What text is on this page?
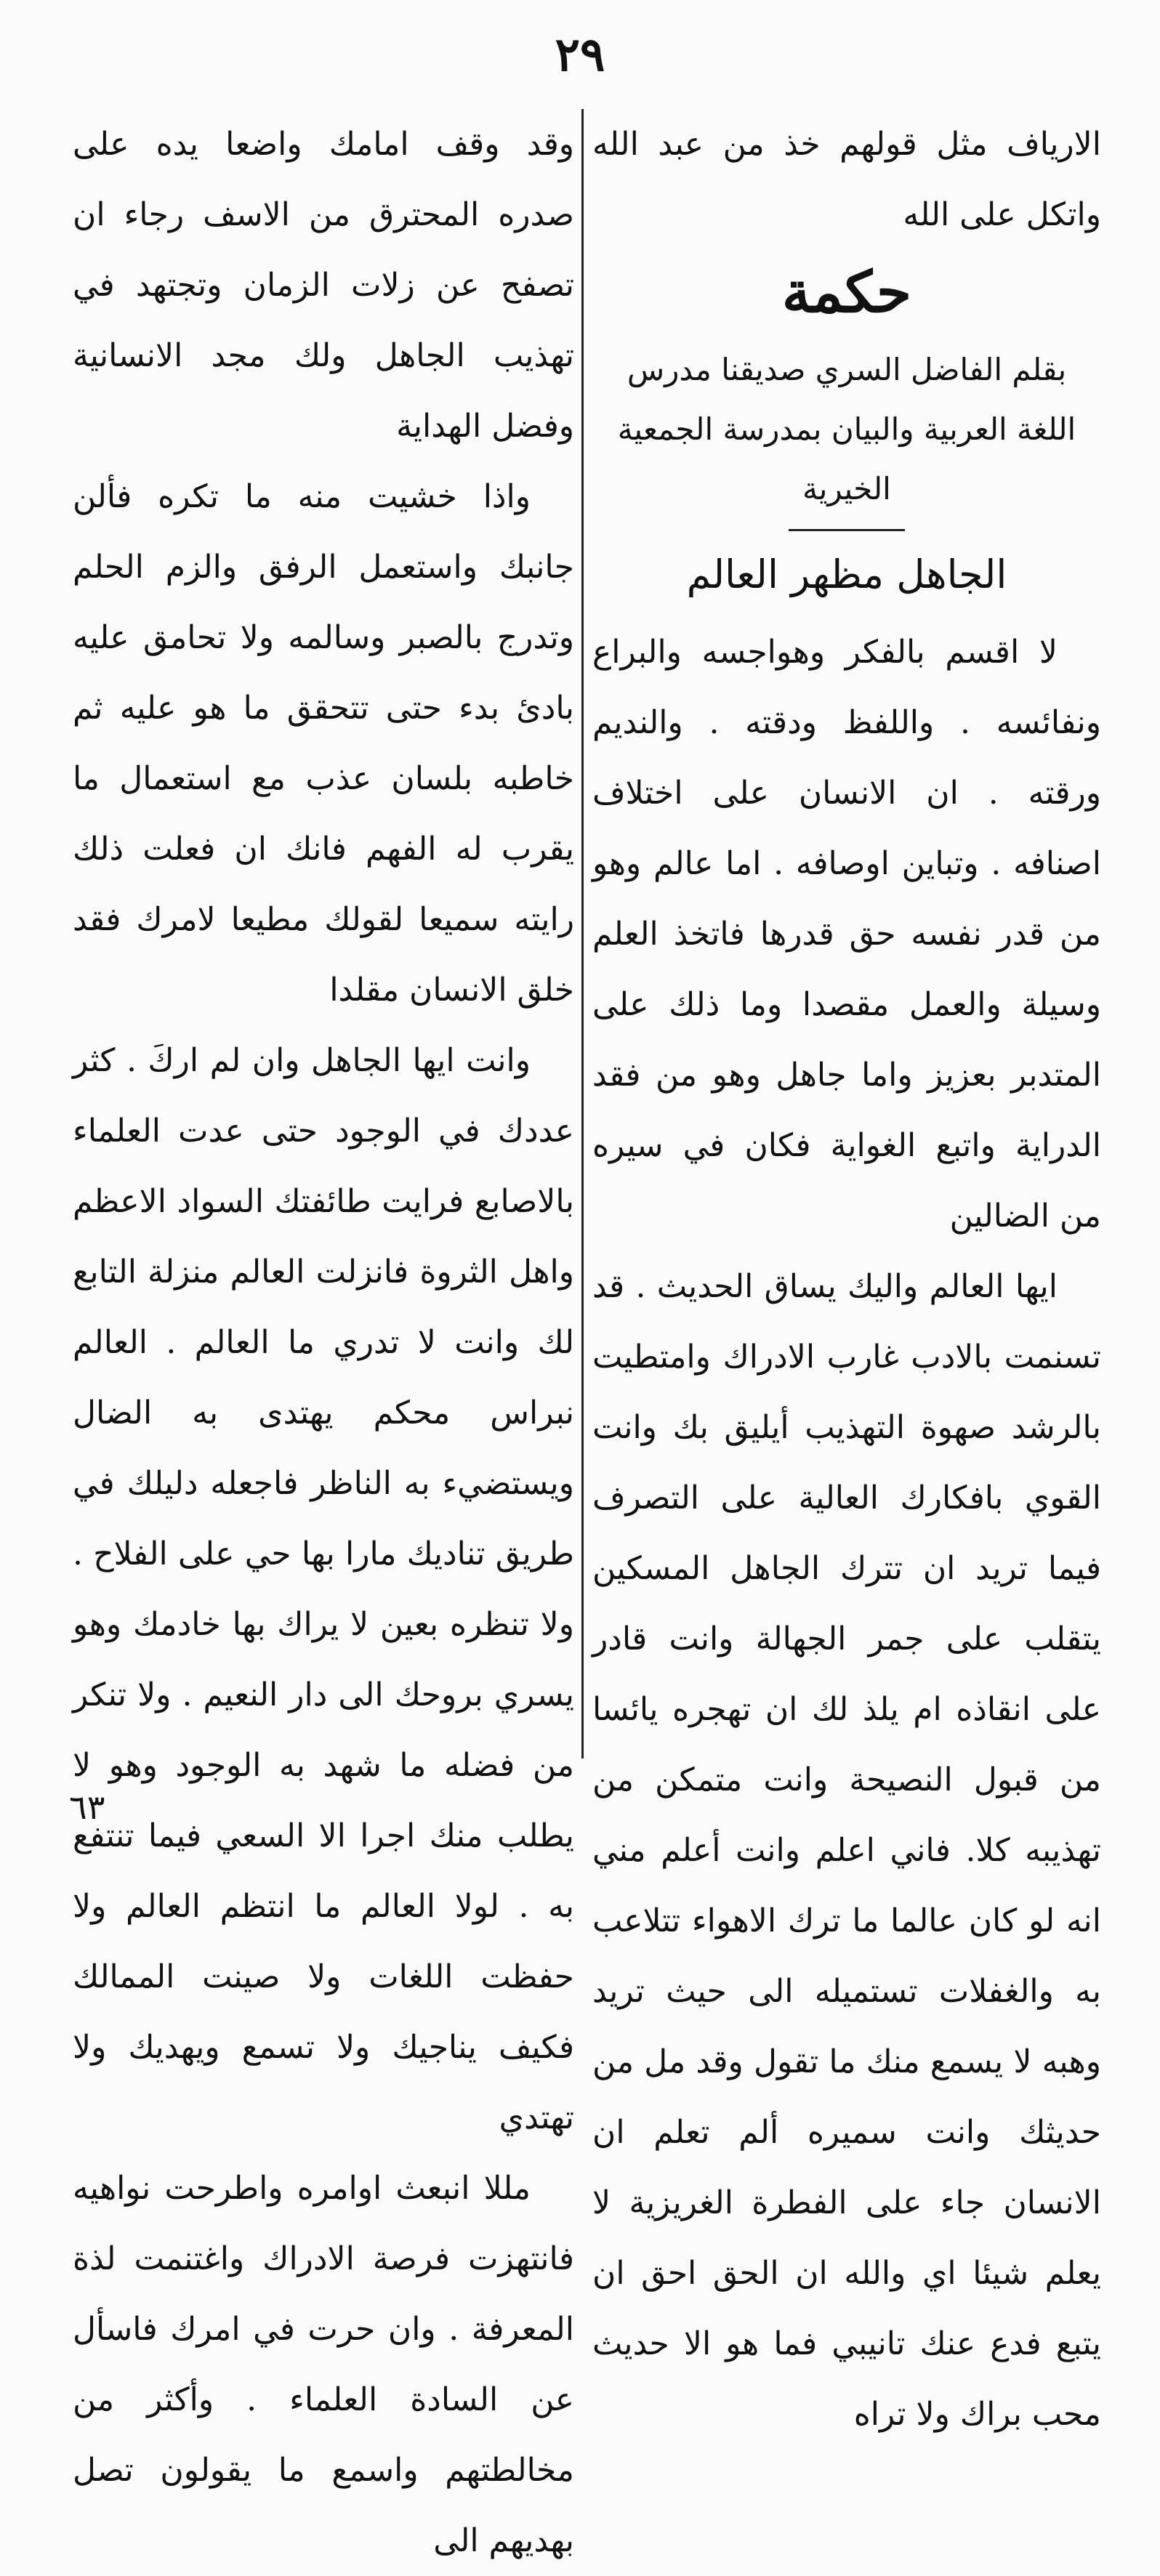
٢٩

الارياف مثل قولهم خذ من عبد الله واتكل على الله

حكمة

بقلم الفاضل السري صديقنا مدرس

اللغة العربية والبيان بمدرسة الجمعية الخيرية

الجاهل مظهر العالم

لا اقسم بالفكر وهواجسه والبراع ونفائسه . واللفظ ودقته . والنديم ورقته . ان الانسان على اختلاف اصنافه . وتباين اوصافه . اما عالم وهو من قدر نفسه حق قدرها فاتخذ العلم وسيلة والعمل مقصدا وما ذلك على المتدبر بعزيز واما جاهل وهو من فقد الدراية واتبع الغواية فكان في سيره من الضالين

ايها العالم واليك يساق الحديث . قد تسنمت بالادب غارب الادراك وامتطيت بالرشد صهوة التهذيب أيليق بك وانت القوي بافكارك العالية على التصرف فيما تريد ان تترك الجاهل المسكين يتقلب على جمر الجهالة وانت قادر على انقاذه ام يلذ لك ان تهجره يائسا من قبول النصيحة وانت متمكن من تهذيبه كلا. فاني اعلم وانت أعلم مني انه لو كان عالما ما ترك الاهواء تتلاعب به والغفلات تستميله الى حيث تريد وهبه لا يسمع منك ما تقول وقد مل من حديثك وانت سميره ألم تعلم ان الانسان جاء على الفطرة الغريزية لا يعلم شيئا اي والله ان الحق احق ان يتبع فدع عنك تانيبي فما هو الا حديث محب براك ولا تراه

وقد وقف امامك واضعا يده على صدره المحترق من الاسف رجاء ان تصفح عن زلات الزمان وتجتهد في تهذيب الجاهل ولك مجد الانسانية وفضل الهداية

واذا خشيت منه ما تكره فألن جانبك واستعمل الرفق والزم الحلم وتدرج بالصبر وسالمه ولا تحامق عليه بادئ بدء حتى تتحقق ما هو عليه ثم خاطبه بلسان عذب مع استعمال ما يقرب له الفهم فانك ان فعلت ذلك رايته سميعا لقولك مطيعا لامرك فقد خلق الانسان مقلدا

وانت ايها الجاهل وان لم اركَ . كثر عددك في الوجود حتى عدت العلماء بالاصابع فرايت طائفتك السواد الاعظم واهل الثروة فانزلت العالم منزلة التابع لك وانت لا تدري ما العالم . العالم نبراس محكم يهتدى به الضال ويستضيء به الناظر فاجعله دليلك في طريق تناديك مارا بها حي على الفلاح . ولا تنظره بعين لا يراك بها خادمك وهو يسري بروحك الى دار النعيم . ولا تنكر من فضله ما شهد به الوجود وهو لا يطلب منك اجرا الا السعي فيما تنتفع به . لولا العالم ما انتظم العالم ولا حفظت اللغات ولا صينت الممالك فكيف يناجيك ولا تسمع ويهديك ولا تهتدي

مللا انبعث اوامره واطرحت نواهيه فانتهزت فرصة الادراك واغتنمت لذة المعرفة . وان حرت في امرك فاسأل عن السادة العلماء . وأكثر من مخالطتهم واسمع ما يقولون تصل بهديهم الى

٦٣
